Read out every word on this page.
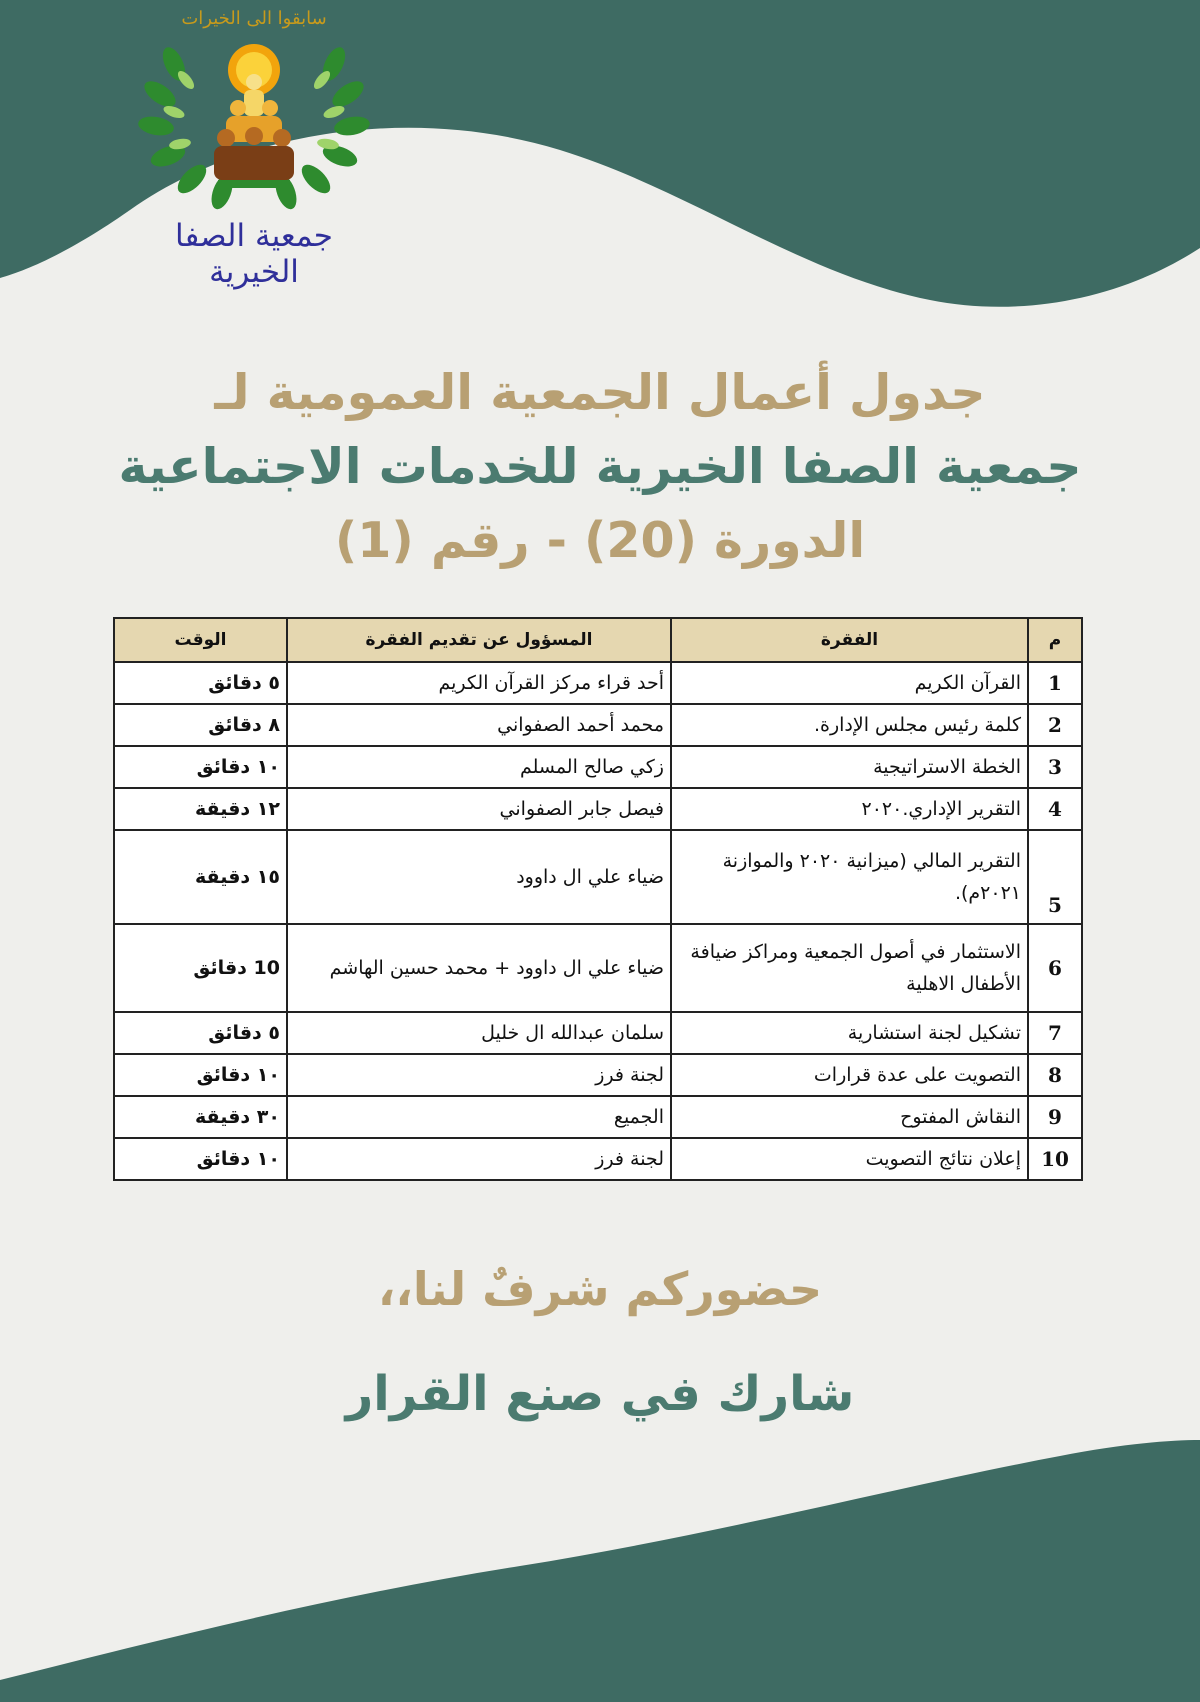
سابقوا الى الخيرات
جمعية الصفا الخيرية
جدول أعمال الجمعية العمومية لـ
جمعية الصفا الخيرية للخدمات الاجتماعية
الدورة (20) - رقم (1)
م	الفقرة	المسؤول عن تقديم الفقرة	الوقت
1	القرآن الكريم	أحد قراء مركز القرآن الكريم	٥ دقائق
2	كلمة رئيس مجلس الإدارة.	محمد أحمد الصفواني	٨ دقائق
3	الخطة الاستراتيجية	زكي صالح المسلم	١٠ دقائق
4	التقرير الإداري.٢٠٢٠	فيصل جابر الصفواني	١٢ دقيقة
5	التقرير المالي (ميزانية ٢٠٢٠ والموازنة ٢٠٢١م).	ضياء علي ال داوود	١٥ دقيقة
6	الاستثمار في أصول الجمعية ومراكز ضيافة الأطفال الاهلية	ضياء علي ال داوود + محمد حسين الهاشم	10 دقائق
7	تشكيل لجنة استشارية	سلمان عبدالله ال خليل	٥ دقائق
8	التصويت على عدة قرارات	لجنة فرز	١٠ دقائق
9	النقاش المفتوح	الجميع	٣٠ دقيقة
10	إعلان نتائج التصويت	لجنة فرز	١٠ دقائق
حضوركم شرفٌ لنا،،
شارك في صنع القرار
